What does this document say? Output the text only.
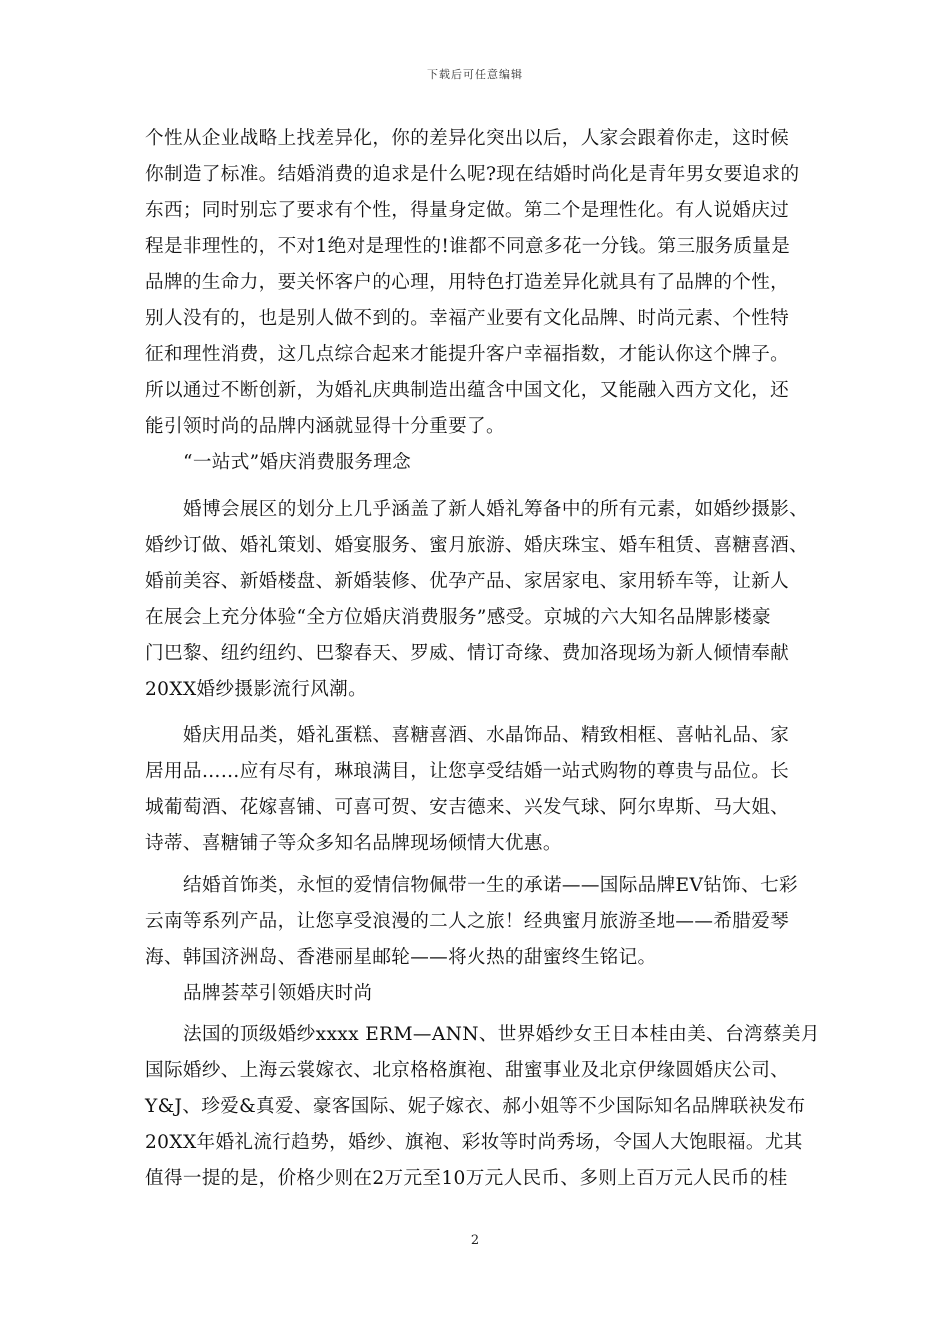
下载后可任意编辑
个性从企业战略上找差异化，你的差异化突出以后，人家会跟着你走，这时候
你制造了标准。结婚消费的追求是什么呢?现在结婚时尚化是青年男女要追求的
东西；同时别忘了要求有个性，得量身定做。第二个是理性化。有人说婚庆过
程是非理性的，不对1绝对是理性的!谁都不同意多花一分钱。第三服务质量是
品牌的生命力，要关怀客户的心理，用特色打造差异化就具有了品牌的个性，
别人没有的，也是别人做不到的。幸福产业要有文化品牌、时尚元素、个性特
征和理性消费，这几点综合起来才能提升客户幸福指数，才能认你这个牌子。
所以通过不断创新，为婚礼庆典制造出蕴含中国文化，又能融入西方文化，还
能引领时尚的品牌内涵就显得十分重要了。
“一站式”婚庆消费服务理念
婚博会展区的划分上几乎涵盖了新人婚礼筹备中的所有元素，如婚纱摄影、
婚纱订做、婚礼策划、婚宴服务、蜜月旅游、婚庆珠宝、婚车租赁、喜糖喜酒、
婚前美容、新婚楼盘、新婚装修、优孕产品、家居家电、家用轿车等，让新人
在展会上充分体验“全方位婚庆消费服务”感受。京城的六大知名品牌影楼豪
门巴黎、纽约纽约、巴黎春天、罗威、情订奇缘、费加洛现场为新人倾情奉献
20XX婚纱摄影流行风潮。
婚庆用品类，婚礼蛋糕、喜糖喜酒、水晶饰品、精致相框、喜帖礼品、家
居用品……应有尽有，琳琅满目，让您享受结婚一站式购物的尊贵与品位。长
城葡萄酒、花嫁喜铺、可喜可贺、安吉德来、兴发气球、阿尔卑斯、马大姐、
诗蒂、喜糖铺子等众多知名品牌现场倾情大优惠。
结婚首饰类，永恒的爱情信物佩带一生的承诺——国际品牌EV钻饰、七彩
云南等系列产品，让您享受浪漫的二人之旅！经典蜜月旅游圣地——希腊爱琴
海、韩国济洲岛、香港丽星邮轮——将火热的甜蜜终生铭记。
品牌荟萃引领婚庆时尚
法国的顶级婚纱xxxx ERM—ANN、世界婚纱女王日本桂由美、台湾蔡美月
国际婚纱、上海云裳嫁衣、北京格格旗袍、甜蜜事业及北京伊缘圆婚庆公司、
Y&J、珍爱&真爱、豪客国际、妮子嫁衣、郝小姐等不少国际知名品牌联袂发布
20XX年婚礼流行趋势，婚纱、旗袍、彩妆等时尚秀场，令国人大饱眼福。尤其
值得一提的是，价格少则在2万元至10万元人民币、多则上百万元人民币的桂
2
